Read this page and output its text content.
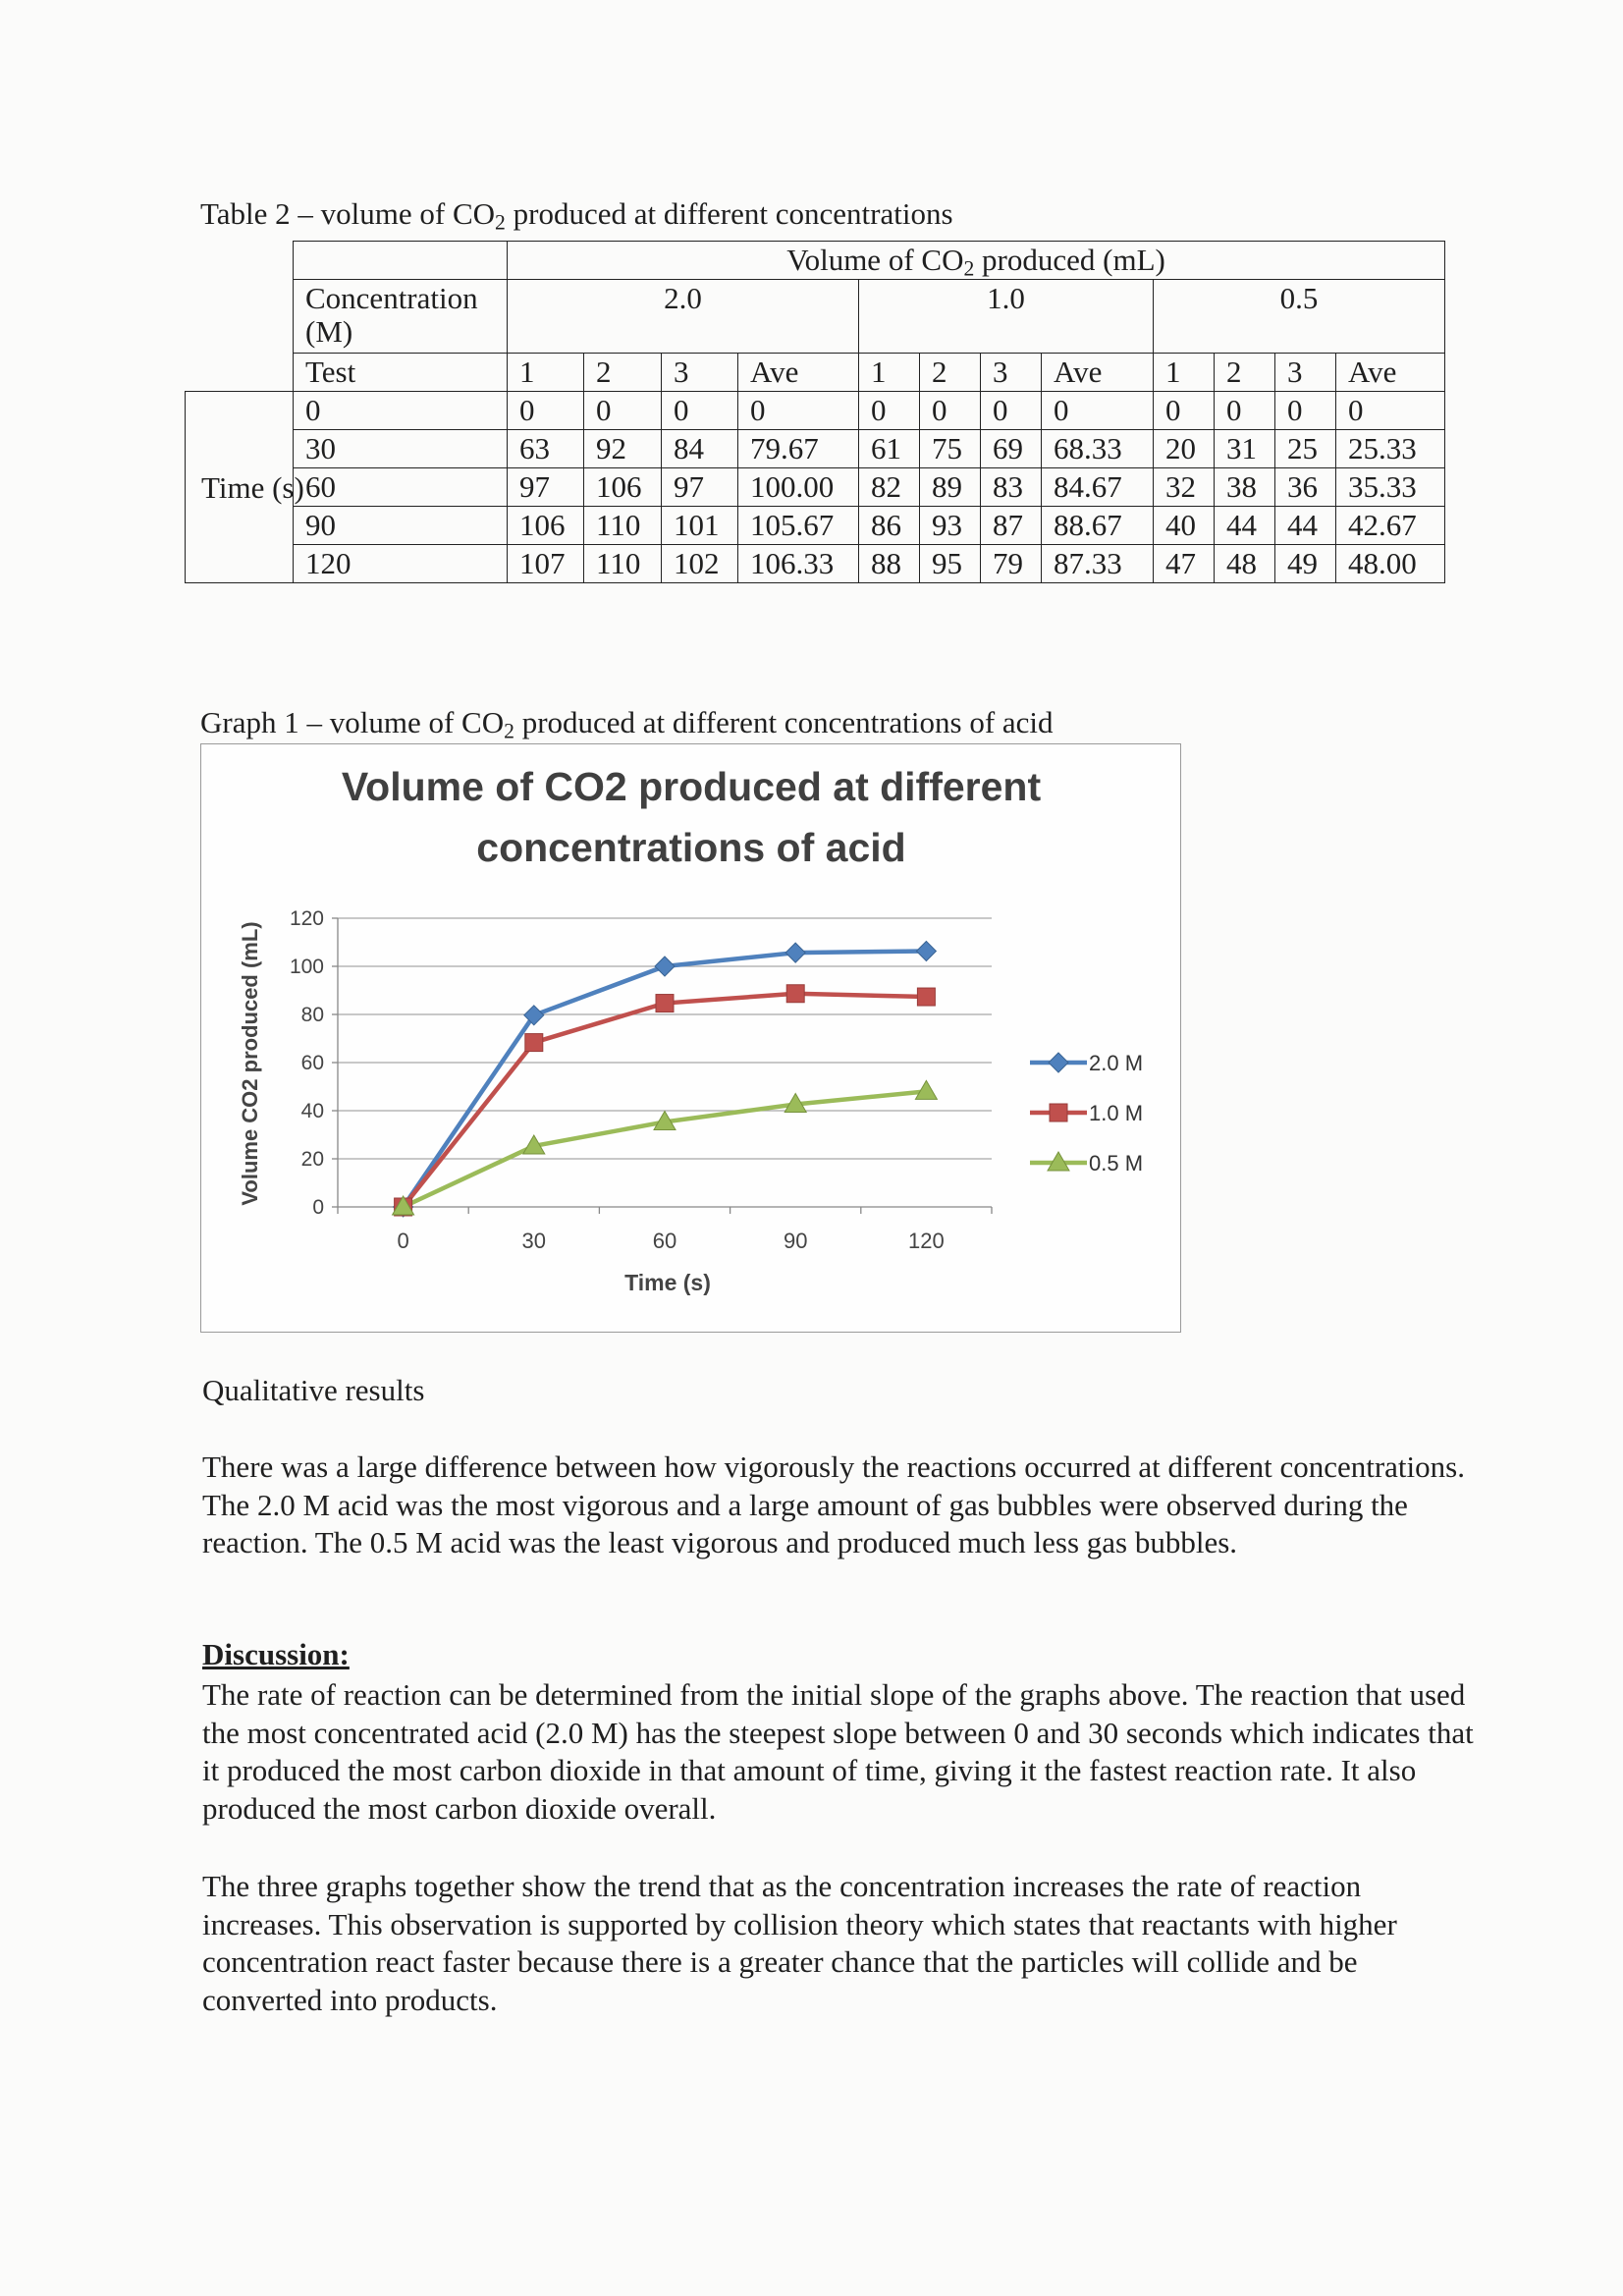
Table 2 – volume of $CO_2$ produced at different concentrations
		Volume of $CO_2$ produced (mL)											
	Concentration (M)	2.0				1.0				0.5			
	Test	1	2	3	Ave	1	2	3	Ave	1	2	3	Ave
Time (s)	0	0	0	0	0	0	0	0	0	0	0	0	0
	30	63	92	84	79.67	61	75	69	68.33	20	31	25	25.33
	60	97	106	97	100.00	82	89	83	84.67	32	38	36	35.33
	90	106	110	101	105.67	86	93	87	88.67	40	44	44	42.67
	120	107	110	102	106.33	88	95	79	87.33	47	48	49	48.00
Graph 1 – volume of $CO_2$ produced at different concentrations of acid
Volume of CO2 produced at different
concentrations of acid
0
20
40
60
80
100
120
0	30	60	90	120
Time (s)
Volume CO2 produced (mL)	2.0 M
1.0 M
0.5 M
Qualitative results
There was a large difference between how vigorously the reactions occurred at different concentrations. The 2.0 M acid was the most vigorous and a large amount of gas bubbles were observed during the reaction. The 0.5 M acid was the least vigorous and produced much less gas bubbles.
Discussion:
The rate of reaction can be determined from the initial slope of the graphs above. The reaction that used the most concentrated acid (2.0 M) has the steepest slope between 0 and 30 seconds which indicates that it produced the most carbon dioxide in that amount of time, giving it the fastest reaction rate. It also produced the most carbon dioxide overall.
The three graphs together show the trend that as the concentration increases the rate of reaction increases. This observation is supported by collision theory which states that reactants with higher concentration react faster because there is a greater chance that the particles will collide and be converted into products.
